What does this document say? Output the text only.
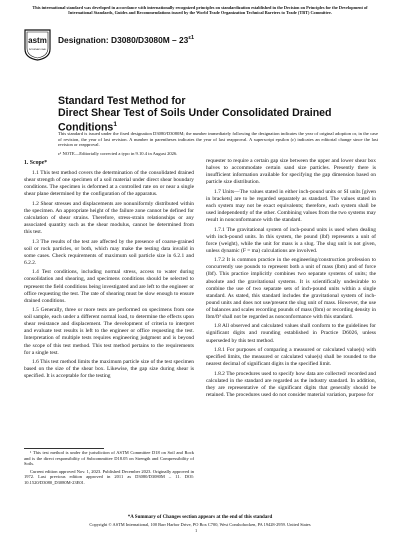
This international standard was developed in accordance with internationally recognized principles on standardization established in the Decision on Principles for the Development of International Standards, Guides and Recommendations issued by the World Trade Organization Technical Barriers to Trade (TBT) Committee.
astm
INTERNATIONAL
Designation: $D3080/D3080M - 23^{\varepsilon 1}$
Standard Test Method for
Direct Shear Test of Soils Under Consolidated Drained
Conditions$^1$

This standard is issued under the fixed designation D3080/D3080M; the number immediately following the designation indicates the year of original adoption or, in the case of revision, the year of last revision. A number in parentheses indicates the year of last reapproval. A superscript epsilon (ε) indicates an editorial change since the last revision or reapproval.

ε¹ NOTE—Editorially corrected a typo in 9.10.4 in August 2026.

1. Scope*

1.1 This test method covers the determination of the consolidated drained shear strength of one specimen of a soil material under direct shear boundary conditions. The specimen is deformed at a controlled rate on or near a single shear plane determined by the configuration of the apparatus.

1.2 Shear stresses and displacements are nonuniformly distributed within the specimen. An appropriate height of the failure zone cannot be defined for calculation of shear strains. Therefore, stress-strain relationships or any associated quantity such as the shear modulus, cannot be determined from this test.

1.3 The results of the test are affected by the presence of coarse-grained soil or rock particles, or both, which may make the testing data invalid in some cases. Check requirements of maximum soil particle size in 6.2.1 and 6.2.2.

1.4 Test conditions, including normal stress, access to water during consolidation and shearing, and specimens conditions should be selected to represent the field conditions being investigated and are left to the engineer or office requesting the test. The rate of shearing must be slow enough to ensure drained conditions.

1.5 Generally, three or more tests are performed on specimens from one soil sample, each under a different normal load, to determine the effects upon shear resistance and displacement. The development of criteria to interpret and evaluate test results is left to the engineer or office requesting the test. Interpretation of multiple tests requires engineering judgment and is beyond the scope of this test method. This test method pertains to the requirements for a single test.

1.6 This test method limits the maximum particle size of the test specimen based on the size of the shear box. Likewise, the gap size during shear is specified. It is acceptable for the testing

requester to require a certain gap size between the upper and lower shear box halves to accommodate certain sand size particles. Presently there is insufficient information available for specifying the gap dimension based on particle size distribution.

1.7 Units—The values stated in either inch-pound units or SI units [given in brackets] are to be regarded separately as standard. The values stated in each system may not be exact equivalents; therefore, each system shall be used independently of the other. Combining values from the two systems may result in nonconformance with the standard.

1.7.1 The gravitational system of inch-pound units is used when dealing with inch-pound units. In this system, the pound (lbf) represents a unit of force (weight), while the unit for mass is a slug. The slug unit is not given, unless dynamic (F = ma) calculations are involved.

1.7.2 It is common practice in the engineering/construction profession to concurrently use pounds to represent both a unit of mass (lbm) and of force (lbf). This practice implicitly combines two separate systems of units; the absolute and the gravitational systems. It is scientifically undesirable to combine the use of two separate sets of inch-pound units within a single standard. As stated, this standard includes the gravitational system of inch-pound units and does not use/present the slug unit of mass. However, the use of balances and scales recording pounds of mass (lbm) or recording density in lbm/ft³ shall not be regarded as nonconformance with this standard.

1.8 All observed and calculated values shall conform to the guidelines for significant digits and rounding established in Practice D6026, unless superseded by this test method.

1.8.1 For purposes of comparing a measured or calculated value(s) with specified limits, the measured or calculated value(s) shall be rounded to the nearest decimal of significant digits in the specified limit.

1.8.2 The procedures used to specify how data are collected/ recorded and calculated in the standard are regarded as the industry standard. In addition, they are representative of the significant digits that generally should be retained. The procedures used do not consider material variation, purpose for

¹ This test method is under the jurisdiction of ASTM Committee D18 on Soil and Rock and is the direct responsibility of Subcommittee D18.05 on Strength and Compressibility of Soils.

Current edition approved Nov. 1, 2023. Published December 2023. Originally approved in 1972. Last previous edition approved in 2011 as D3080/D3080M – 11. DOI: 10.1520/D3080_D3080M-23E01.

*A Summary of Changes section appears at the end of this standard
Copyright © ASTM International, 100 Barr Harbor Drive, PO Box C700, West Conshohocken, PA 19428-2959. United States
1
